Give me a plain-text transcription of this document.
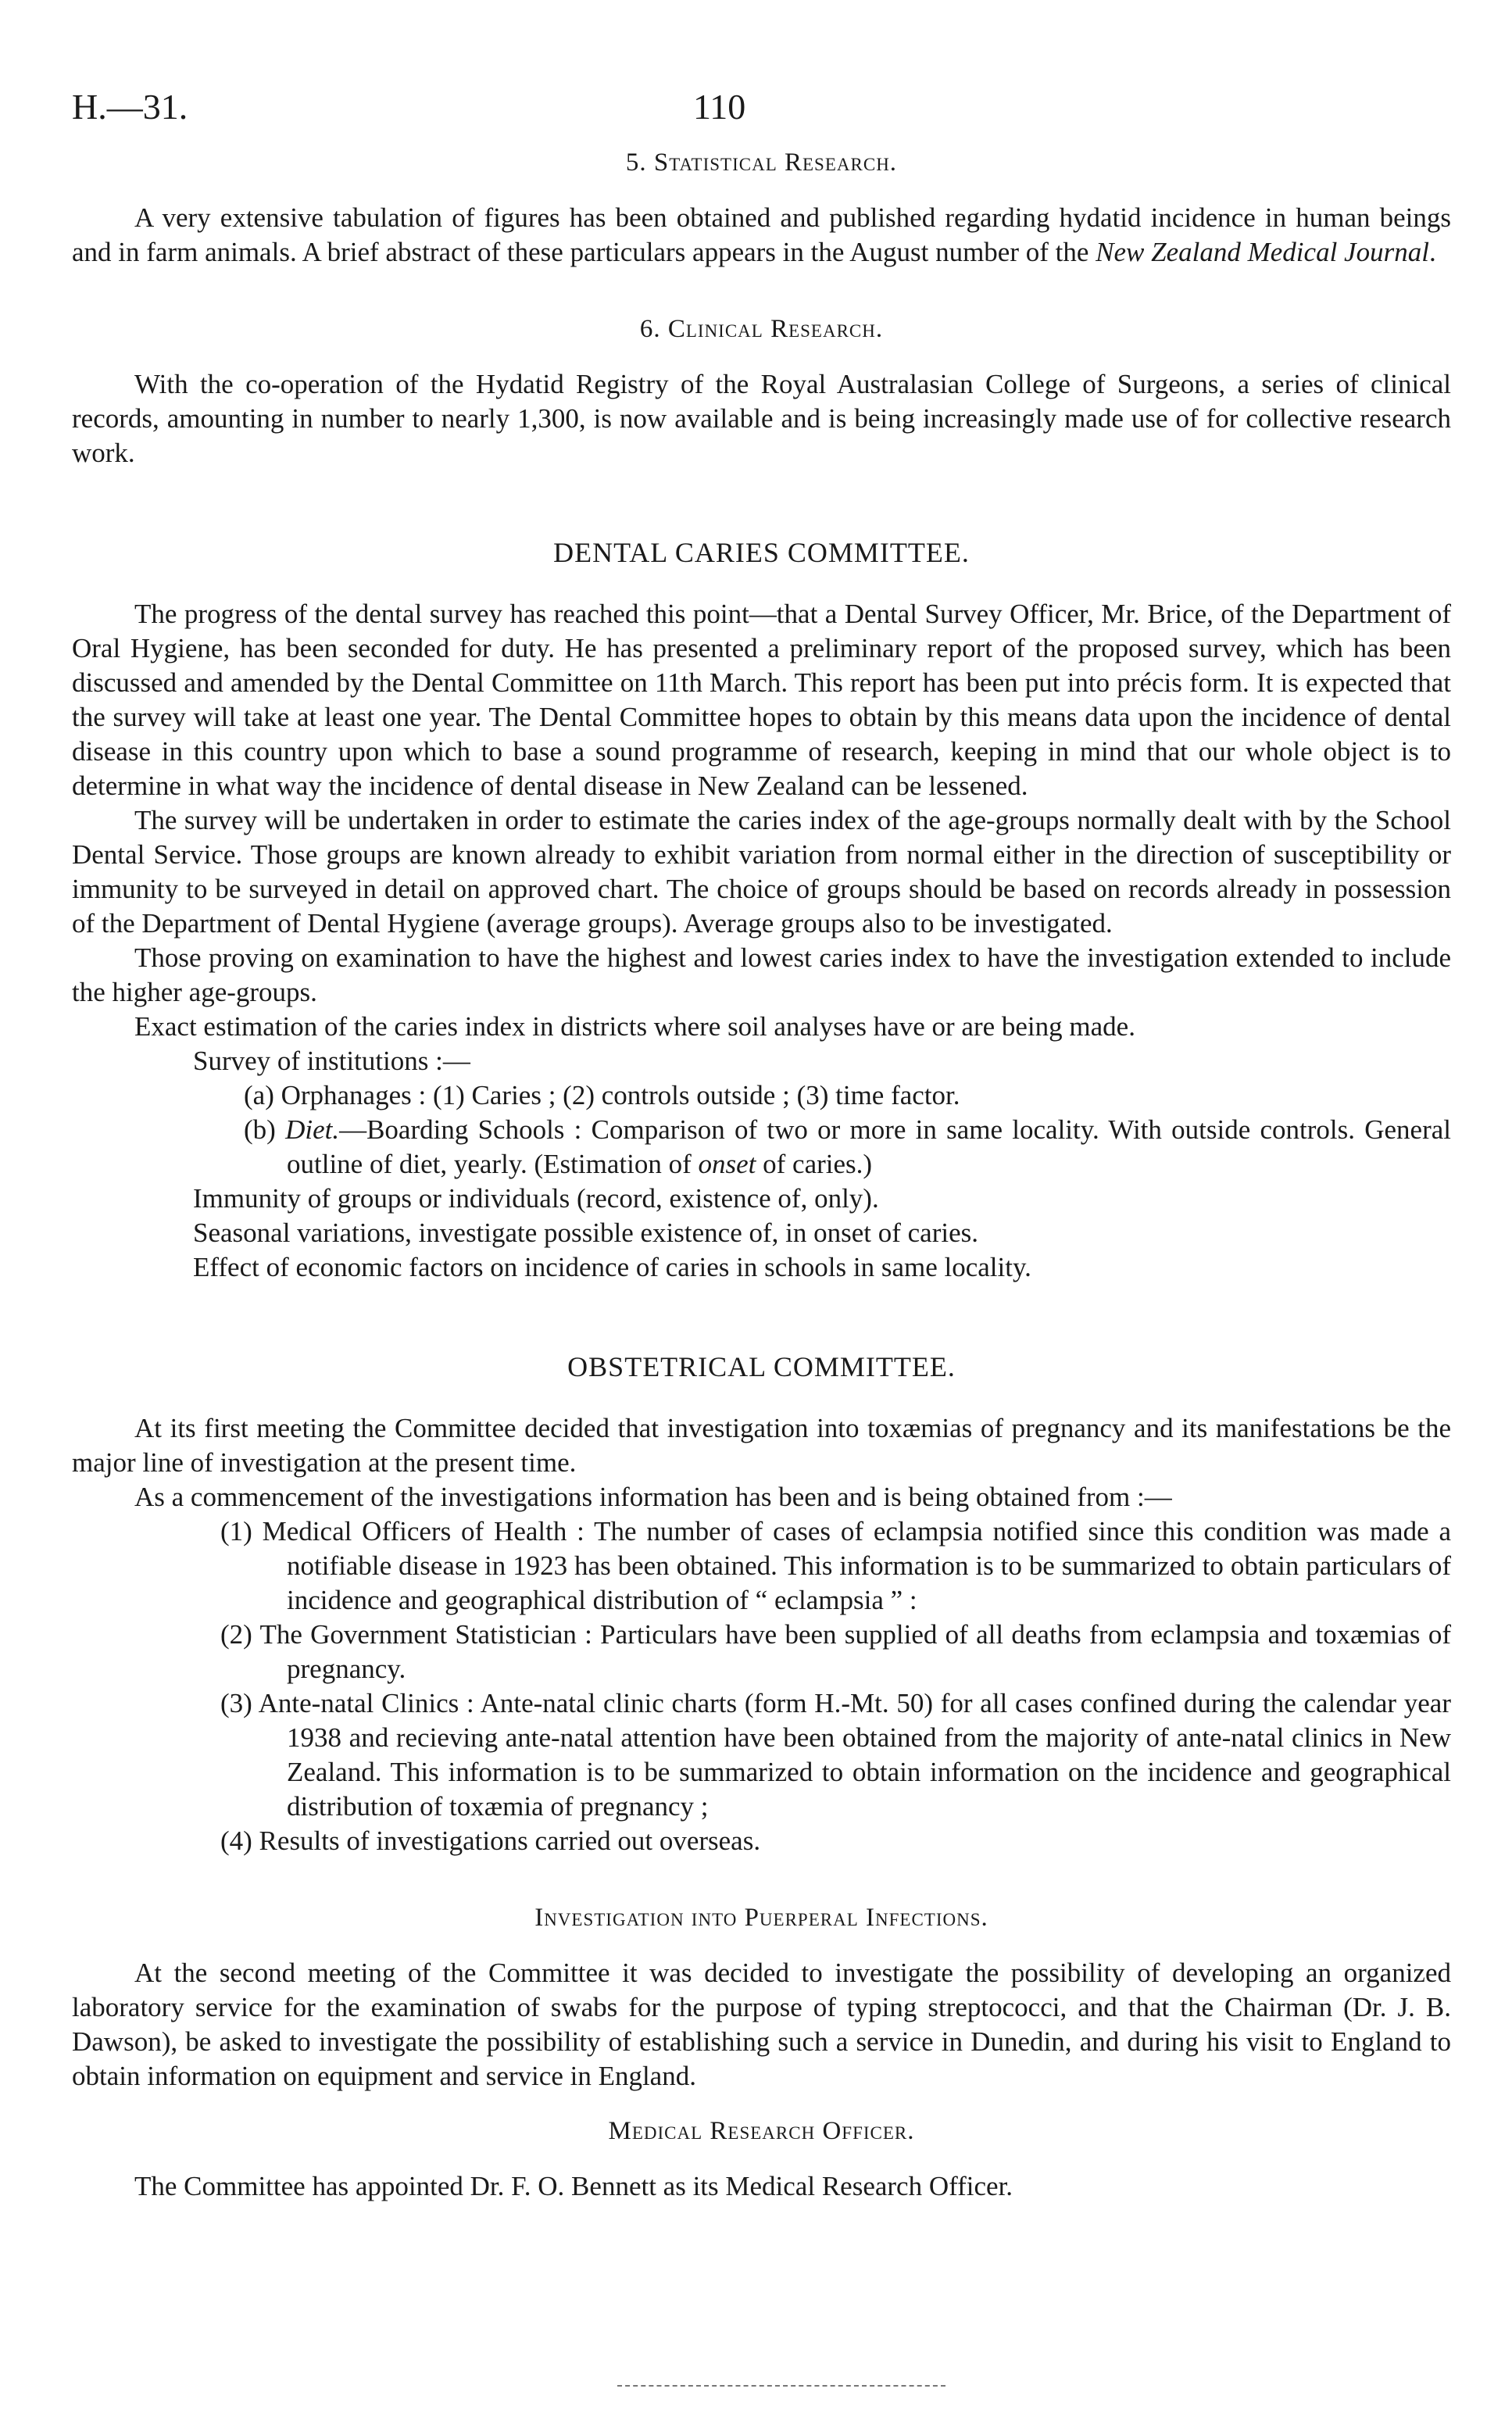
H.—31.	110
5. Statistical Research.

A very extensive tabulation of figures has been obtained and published regarding hydatid incidence in human beings and in farm animals. A brief abstract of these particulars appears in the August number of the New Zealand Medical Journal.

6. Clinical Research.

With the co-operation of the Hydatid Registry of the Royal Australasian College of Surgeons, a series of clinical records, amounting in number to nearly 1,300, is now available and is being increasingly made use of for collective research work.

DENTAL CARIES COMMITTEE.

The progress of the dental survey has reached this point—that a Dental Survey Officer, Mr. Brice, of the Department of Oral Hygiene, has been seconded for duty. He has presented a preliminary report of the proposed survey, which has been discussed and amended by the Dental Committee on 11th March. This report has been put into précis form. It is expected that the survey will take at least one year. The Dental Committee hopes to obtain by this means data upon the incidence of dental disease in this country upon which to base a sound programme of research, keeping in mind that our whole object is to determine in what way the incidence of dental disease in New Zealand can be lessened.

The survey will be undertaken in order to estimate the caries index of the age-groups normally dealt with by the School Dental Service. Those groups are known already to exhibit variation from normal either in the direction of susceptibility or immunity to be surveyed in detail on approved chart. The choice of groups should be based on records already in possession of the Department of Dental Hygiene (average groups). Average groups also to be investigated.

Those proving on examination to have the highest and lowest caries index to have the investigation extended to include the higher age-groups.

Exact estimation of the caries index in districts where soil analyses have or are being made.

Survey of institutions :—
(a) Orphanages : (1) Caries ; (2) controls outside ; (3) time factor.
(b) Diet.—Boarding Schools : Comparison of two or more in same locality. With outside controls. General outline of diet, yearly. (Estimation of onset of caries.)
Immunity of groups or individuals (record, existence of, only).
Seasonal variations, investigate possible existence of, in onset of caries.
Effect of economic factors on incidence of caries in schools in same locality.
OBSTETRICAL COMMITTEE.

At its first meeting the Committee decided that investigation into toxæmias of pregnancy and its manifestations be the major line of investigation at the present time.

As a commencement of the investigations information has been and is being obtained from :—

(1) Medical Officers of Health : The number of cases of eclampsia notified since this condition was made a notifiable disease in 1923 has been obtained. This information is to be summarized to obtain particulars of incidence and geographical distribution of “ eclampsia ” :
(2) The Government Statistician : Particulars have been supplied of all deaths from eclampsia and toxæmias of pregnancy.
(3) Ante-natal Clinics : Ante-natal clinic charts (form H.-Mt. 50) for all cases confined during the calendar year 1938 and recieving ante-natal attention have been obtained from the majority of ante-natal clinics in New Zealand. This information is to be summarized to obtain information on the incidence and geographical distribution of toxæmia of pregnancy ;
(4) Results of investigations carried out overseas.
Investigation into Puerperal Infections.

At the second meeting of the Committee it was decided to investigate the possibility of developing an organized laboratory service for the examination of swabs for the purpose of typing streptococci, and that the Chairman (Dr. J. B. Dawson), be asked to investigate the possibility of establishing such a service in Dunedin, and during his visit to England to obtain information on equipment and service in England.

Medical Research Officer.

The Committee has appointed Dr. F. O. Bennett as its Medical Research Officer.
